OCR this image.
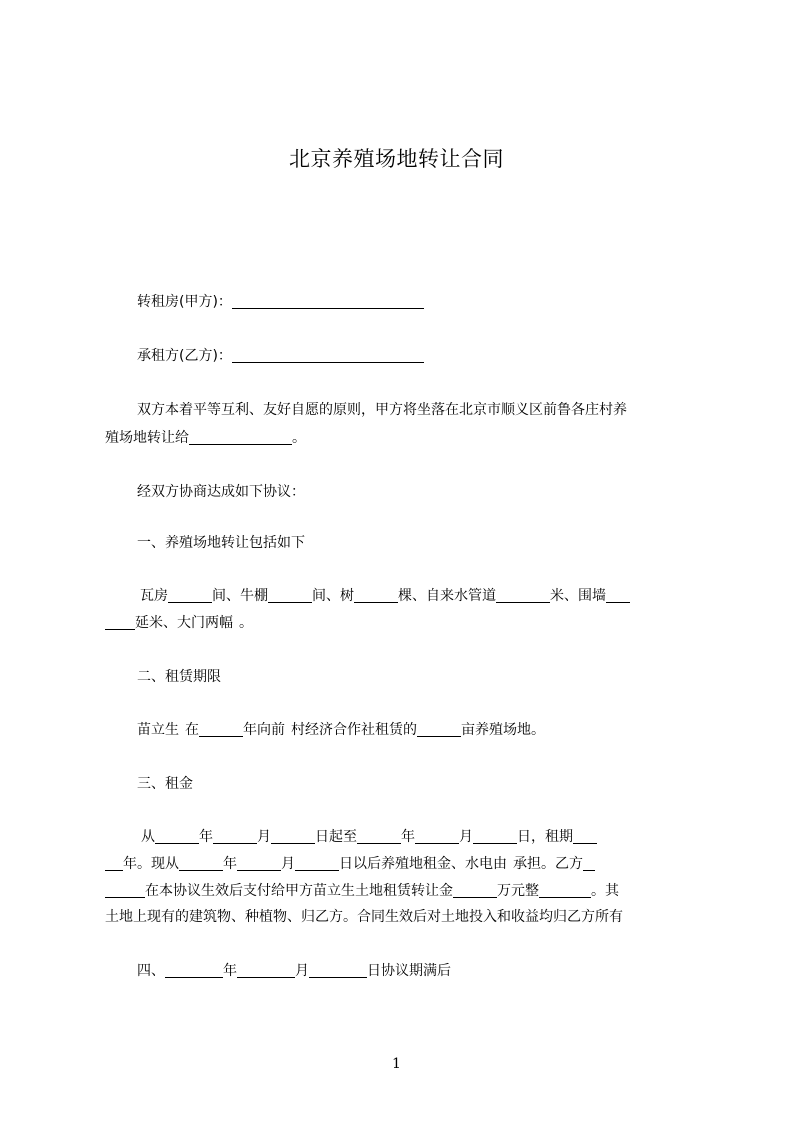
北京养殖场地转让合同
转租房(甲方)：
承租方(乙方)：
双方本着平等互利、友好自愿的原则，甲方将坐落在北京市顺义区前鲁各庄村养
殖场地转让给	。
经双方协商达成如下协议：
一、养殖场地转让包括如下
瓦房	间、牛棚	间、树	棵、自来水管道	米、围墙
延米、大门两幅 。
二、租赁期限
苗立生 在	年向前 村经济合作社租赁的	亩养殖场地。
三、租金
从	年	月	日起至	年	月	日，租期
年。现从	年	月	日以后养殖地租金、水电由 承担。乙方
在本协议生效后支付给甲方苗立生土地租赁转让金	万元整	。其
土地上现有的建筑物、种植物、归乙方。合同生效后对土地投入和收益均归乙方所有
四、	年	月	日协议期满后
1
